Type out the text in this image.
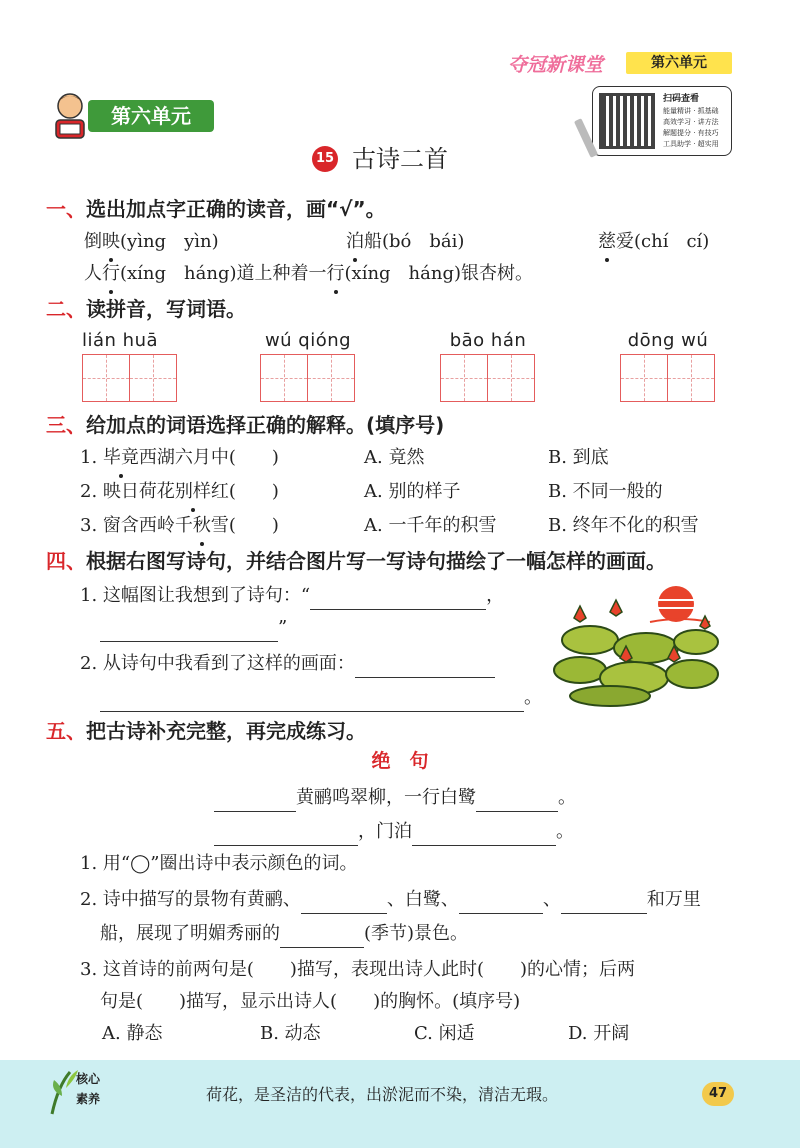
夺冠新课堂	第六单元
扫码查看
能量精讲 · 抓基础
高效学习 · 讲方法
解题提分 · 有技巧
工具助学 · 超实用
第六单元
15 古诗二首
一、选出加点字正确的读音，画“√”。
倒映(yìng　yìn)	泊船(bó　bái)	慈爱(chí　cí)
人行(xíng　háng)道上种着一行(xíng　háng)银杏树。
二、读拼音，写词语。
lián huā	wú qióng	bāo hán	dōng wú
三、给加点的词语选择正确的解释。(填序号)
1. 毕竟西湖六月中(　　)	A. 竟然	B. 到底
2. 映日荷花别样红(　　)	A. 别的样子	B. 不同一般的
3. 窗含西岭千秋雪(　　)	A. 一千年的积雪	B. 终年不化的积雪
四、根据右图写诗句，并结合图片写一写诗句描绘了一幅怎样的画面。
1. 这幅图让我想到了诗句：“	，
”
2. 从诗句中我看到了这样的画面：
。
五、把古诗补充完整，再完成练习。
绝　句
黄鹂鸣翠柳，一行白鹭	。
，门泊	。
1. 用“◯”圈出诗中表示颜色的词。
2. 诗中描写的景物有黄鹂、	、白鹭、	、	和万里
船，展现了明媚秀丽的	(季节)景色。
3. 这首诗的前两句是(　　)描写，表现出诗人此时(　　)的心情；后两
句是(　　)描写，显示出诗人(　　)的胸怀。(填序号)
A. 静态	B. 动态	C. 闲适	D. 开阔
核心
素养	荷花，是圣洁的代表，出淤泥而不染，清洁无瑕。	47
